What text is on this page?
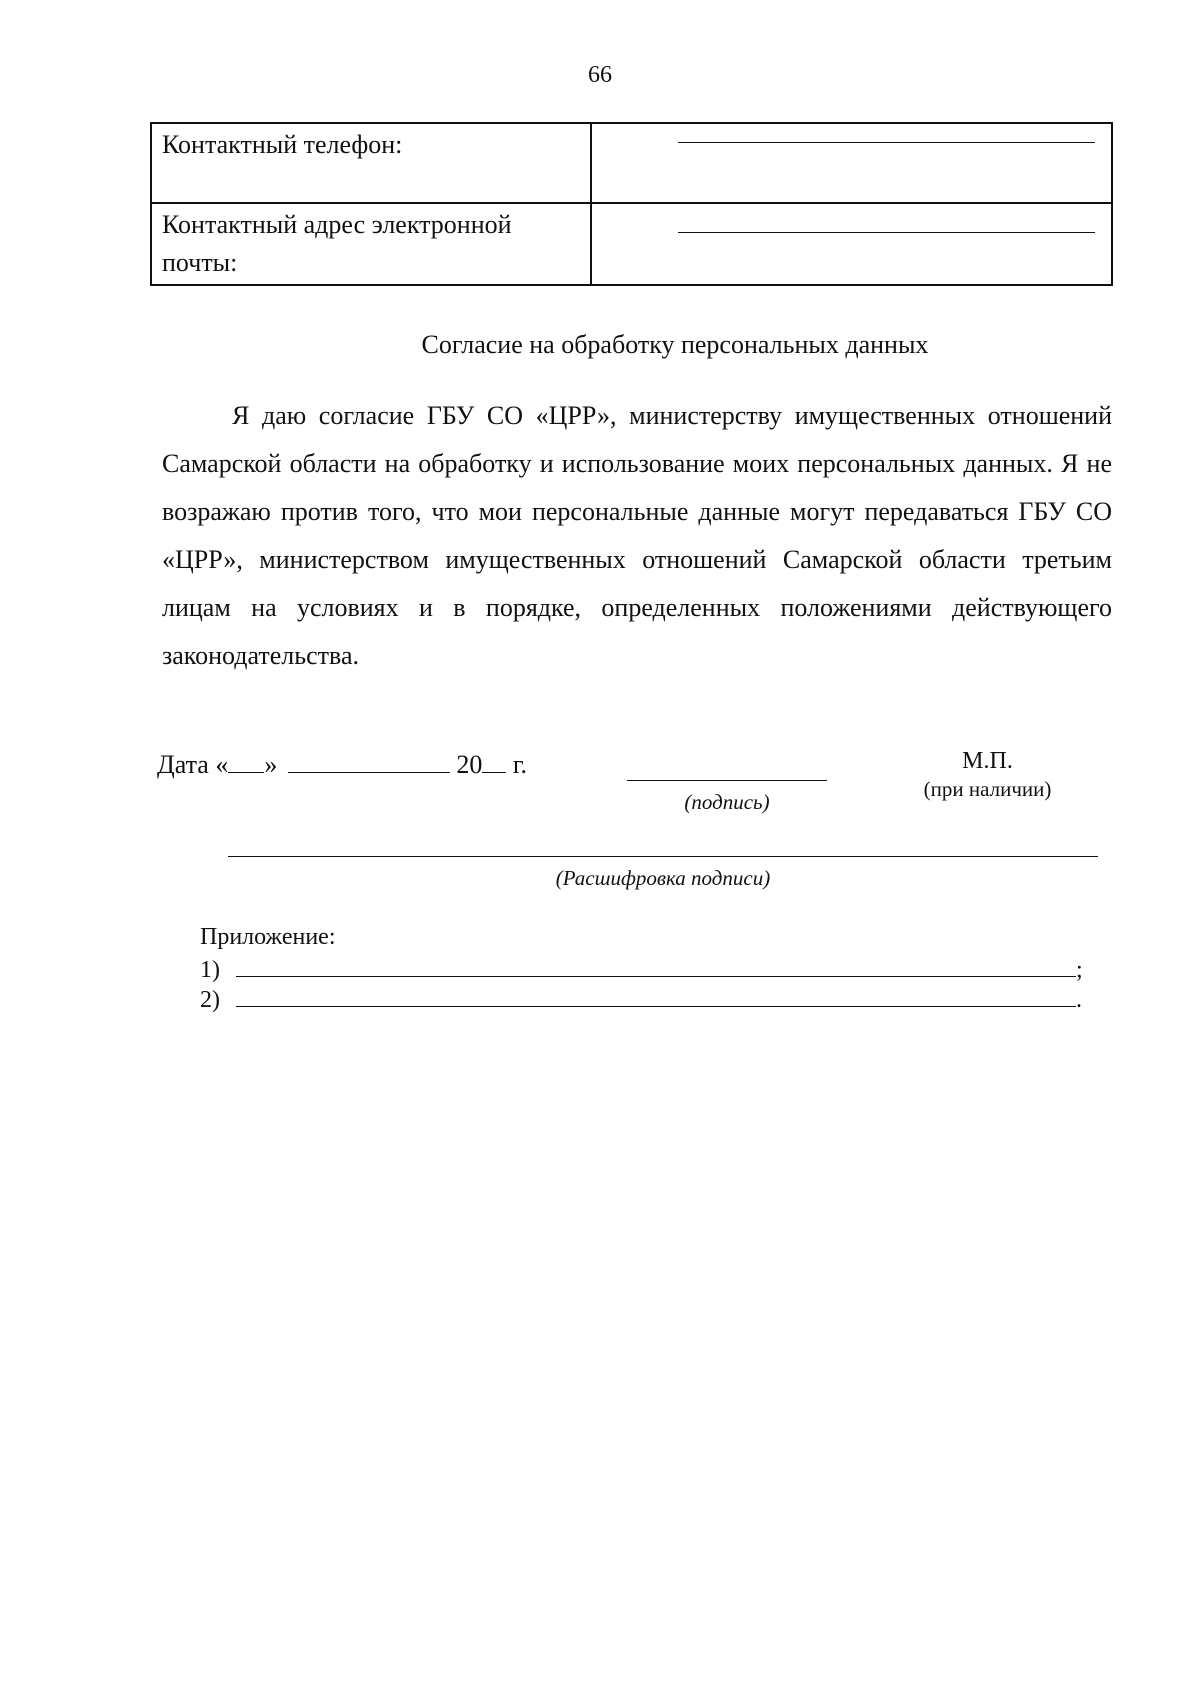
66
Контактный телефон:	

Контактный адрес электронной почты:	
Согласие на обработку персональных данных

Я даю согласие ГБУ СО «ЦРР», министерству имущественных отношений Самарской области на обработку и использование моих персональных данных. Я не возражаю против того, что мои персональные данные могут передаваться ГБУ СО «ЦРР», министерством имущественных отношений Самарской области третьим лицам на условиях и в порядке, определенных положениями действующего законодательства.

Дата « »	20 г.
(подпись)
М.П.
(при наличии)
(Расшифровка подписи)
Приложение:
1)	;
2)	.
